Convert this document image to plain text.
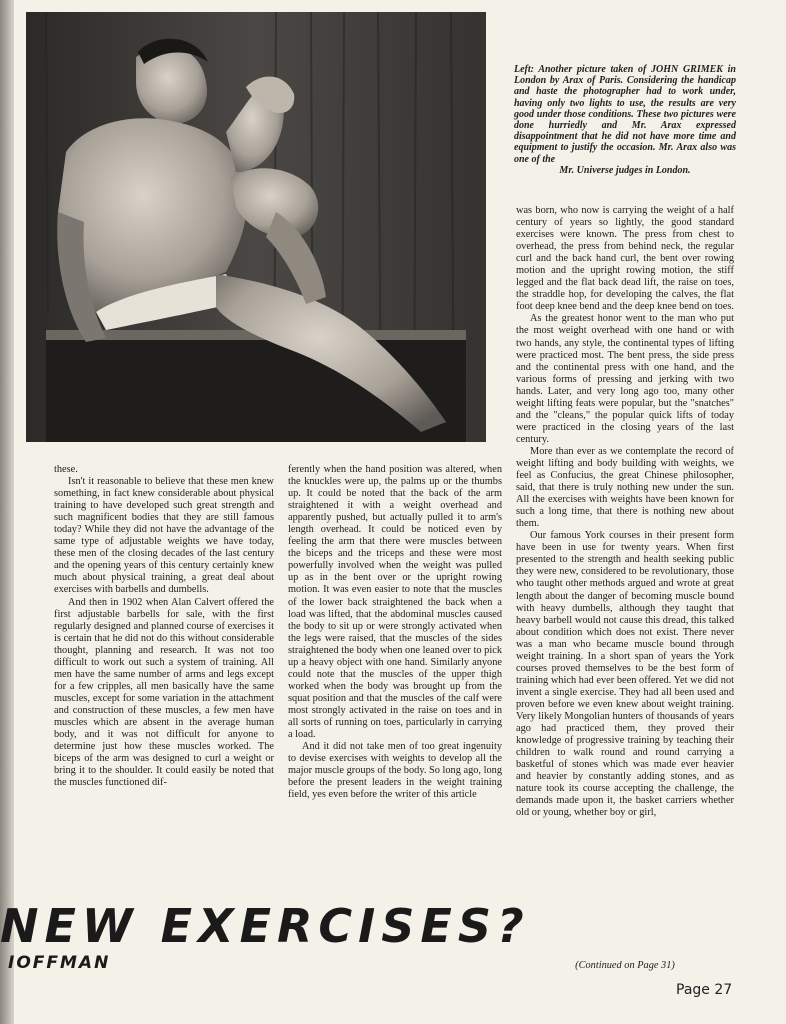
Left: Another picture taken of JOHN GRIMEK in London by Arax of Paris. Considering the handicap and haste the photographer had to work under, having only two lights to use, the results are very good under those conditions. These two pictures were done hurriedly and Mr. Arax expressed disappointment that he did not have more time and equipment to justify the occasion. Mr. Arax also was one of the
Mr. Universe judges in London.

these.

Isn't it reasonable to believe that these men knew something, in fact knew considerable about physical training to have developed such great strength and such magnificent bodies that they are still famous today? While they did not have the advantage of the same type of adjustable weights we have today, these men of the closing decades of the last century and the opening years of this century certainly knew much about physical training, a great deal about exercises with barbells and dumbells.

And then in 1902 when Alan Calvert offered the first adjustable barbells for sale, with the first regularly designed and planned course of exercises it is certain that he did not do this without considerable thought, planning and research. It was not too difficult to work out such a system of training. All men have the same number of arms and legs except for a few cripples, all men basically have the same muscles, except for some variation in the attachment and construction of these muscles, a few men have muscles which are absent in the average human body, and it was not difficult for anyone to determine just how these muscles worked. The biceps of the arm was designed to curl a weight or bring it to the shoulder. It could easily be noted that the muscles functioned dif-

ferently when the hand position was altered, when the knuckles were up, the palms up or the thumbs up. It could be noted that the back of the arm straightened it with a weight overhead and apparently pushed, but actually pulled it to arm's length overhead. It could be noticed even by feeling the arm that there were muscles between the biceps and the triceps and these were most powerfully involved when the weight was pulled up as in the bent over or the upright rowing motion. It was even easier to note that the muscles of the lower back straightened the back when a load was lifted, that the abdominal muscles caused the body to sit up or were strongly activated when the legs were raised, that the muscles of the sides straightened the body when one leaned over to pick up a heavy object with one hand. Similarly anyone could note that the muscles of the upper thigh worked when the body was brought up from the squat position and that the muscles of the calf were most strongly activated in the raise on toes and in all sorts of running on toes, particularly in carrying a load.

And it did not take men of too great ingenuity to devise exercises with weights to develop all the major muscle groups of the body. So long ago, long before the present leaders in the weight training field, yes even before the writer of this article

was born, who now is carrying the weight of a half century of years so lightly, the good standard exercises were known. The press from chest to overhead, the press from behind neck, the regular curl and the back hand curl, the bent over rowing motion and the upright rowing motion, the stiff legged and the flat back dead lift, the raise on toes, the straddle hop, for developing the calves, the flat foot deep knee bend and the deep knee bend on toes.

As the greatest honor went to the man who put the most weight overhead with one hand or with two hands, any style, the continental types of lifting were practiced most. The bent press, the side press and the continental press with one hand, and the various forms of pressing and jerking with two hands. Later, and very long ago too, many other weight lifting feats were popular, but the "snatches" and the "cleans," the popular quick lifts of today were practiced in the closing years of the last century.

More than ever as we contemplate the record of weight lifting and body building with weights, we feel as Confucius, the great Chinese philosopher, said, that there is truly nothing new under the sun. All the exercises with weights have been known for such a long time, that there is nothing new about them.

Our famous York courses in their present form have been in use for twenty years. When first presented to the strength and health seeking public they were new, considered to be revolutionary, those who taught other methods argued and wrote at great length about the danger of becoming muscle bound with heavy dumbells, although they taught that heavy barbell would not cause this dread, this talked about condition which does not exist. There never was a man who became muscle bound through weight training. In a short span of years the York courses proved themselves to be the best form of training which had ever been offered. Yet we did not invent a single exercise. They had all been used and proven before we even knew about weight training. Very likely Mongolian hunters of thousands of years ago had practiced them, they proved their knowledge of progressive training by teaching their children to walk round and round carrying a basketful of stones which was made ever heavier and heavier by constantly adding stones, and as nature took its course accepting the challenge, the demands made upon it, the basket carriers whether old or young, whether boy or girl,

(Continued on Page 31)
NEW EXERCISES?
IOFFMAN
Page 27
